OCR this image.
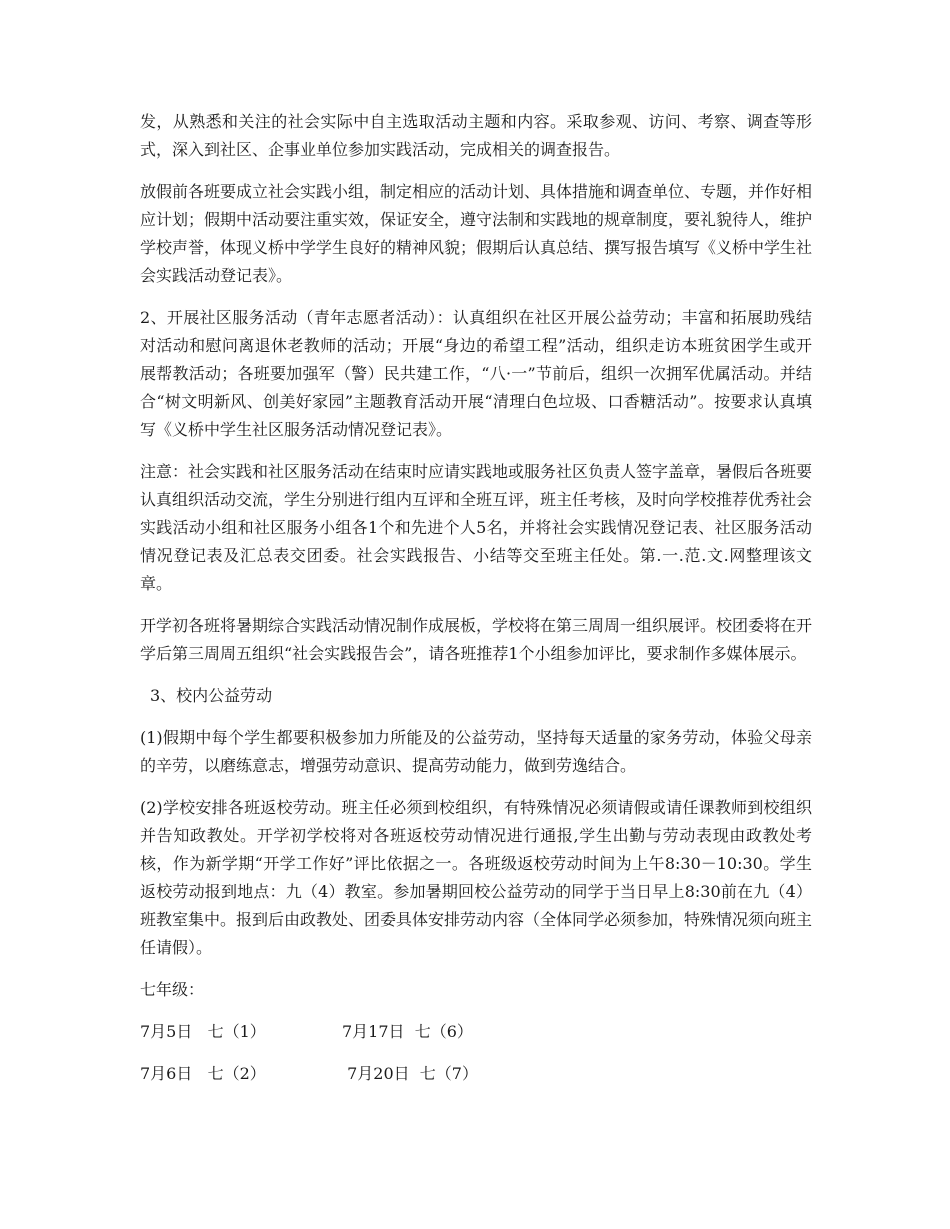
发，从熟悉和关注的社会实际中自主选取活动主题和内容。采取参观、访问、考察、调查等形式，深入到社区、企事业单位参加实践活动，完成相关的调查报告。

放假前各班要成立社会实践小组，制定相应的活动计划、具体措施和调查单位、专题，并作好相应计划；假期中活动要注重实效，保证安全，遵守法制和实践地的规章制度，要礼貌待人，维护学校声誉，体现义桥中学学生良好的精神风貌；假期后认真总结、撰写报告填写《义桥中学生社会实践活动登记表》。

2、开展社区服务活动（青年志愿者活动）：认真组织在社区开展公益劳动；丰富和拓展助残结对活动和慰问离退休老教师的活动；开展“身边的希望工程”活动，组织走访本班贫困学生或开展帮教活动；各班要加强军（警）民共建工作，“八·一”节前后，组织一次拥军优属活动。并结合“树文明新风、创美好家园”主题教育活动开展“清理白色垃圾、口香糖活动”。按要求认真填写《义桥中学生社区服务活动情况登记表》。

注意：社会实践和社区服务活动在结束时应请实践地或服务社区负责人签字盖章，暑假后各班要认真组织活动交流，学生分别进行组内互评和全班互评，班主任考核，及时向学校推荐优秀社会实践活动小组和社区服务小组各1个和先进个人5名，并将社会实践情况登记表、社区服务活动情况登记表及汇总表交团委。社会实践报告、小结等交至班主任处。第.一.范.文.网整理该文章。

开学初各班将暑期综合实践活动情况制作成展板，学校将在第三周周一组织展评。校团委将在开学后第三周周五组织“社会实践报告会”，请各班推荐1个小组参加评比，要求制作多媒体展示。

3、校内公益劳动

(1)假期中每个学生都要积极参加力所能及的公益劳动，坚持每天适量的家务劳动，体验父母亲的辛劳，以磨练意志，增强劳动意识、提高劳动能力，做到劳逸结合。

(2)学校安排各班返校劳动。班主任必须到校组织，有特殊情况必须请假或请任课教师到校组织并告知政教处。开学初学校将对各班返校劳动情况进行通报,学生出勤与劳动表现由政教处考核，作为新学期“开学工作好”评比依据之一。各班级返校劳动时间为上午8:30－10:30。学生返校劳动报到地点：九（4）教室。参加暑期回校公益劳动的同学于当日早上8:30前在九（4）班教室集中。报到后由政教处、团委具体安排劳动内容（全体同学必须参加，特殊情况须向班主任请假）。

七年级：

7月5日   七（1）	7月17日  七（6）
7月6日   七（2）	7月20日  七（7）
